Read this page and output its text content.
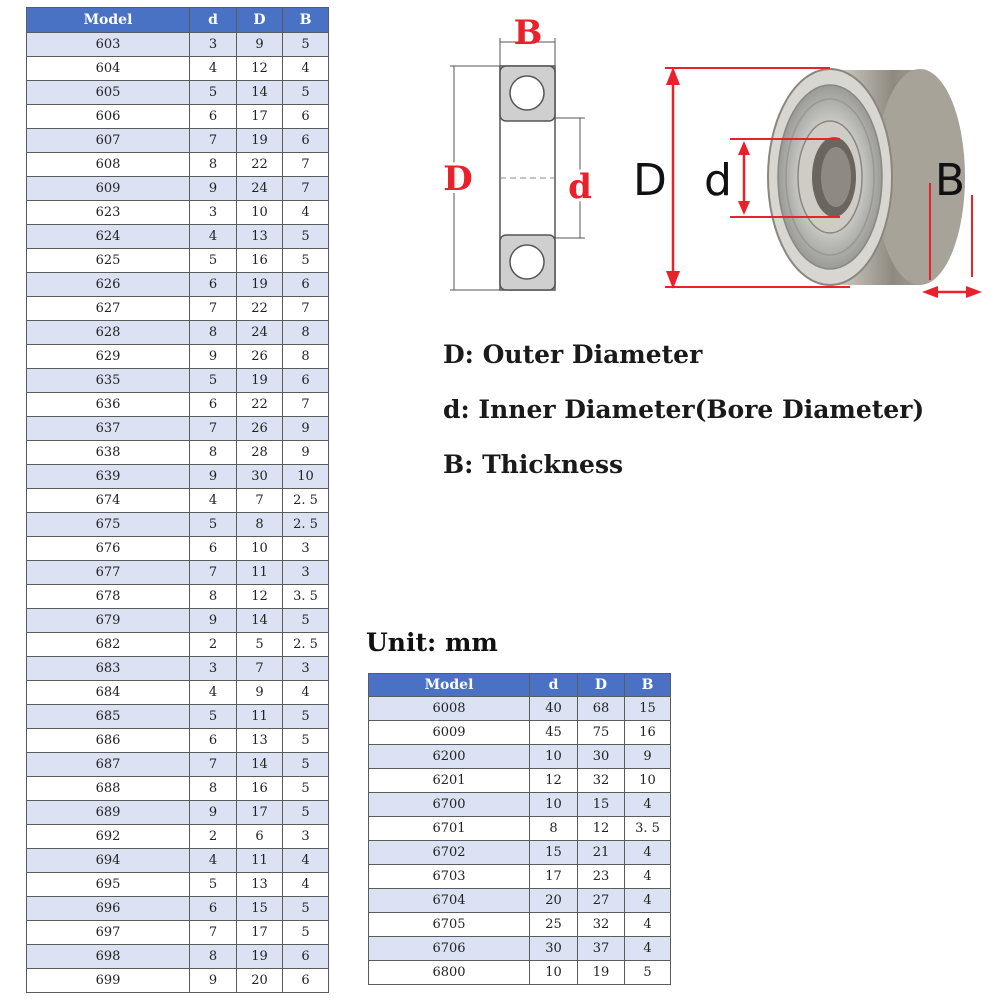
Model	d	D	B
603	3	9	5
604	4	12	4
605	5	14	5
606	6	17	6
607	7	19	6
608	8	22	7
609	9	24	7
623	3	10	4
624	4	13	5
625	5	16	5
626	6	19	6
627	7	22	7
628	8	24	8
629	9	26	8
635	5	19	6
636	6	22	7
637	7	26	9
638	8	28	9
639	9	30	10
674	4	7	2. 5
675	5	8	2. 5
676	6	10	3
677	7	11	3
678	8	12	3. 5
679	9	14	5
682	2	5	2. 5
683	3	7	3
684	4	9	4
685	5	11	5
686	6	13	5
687	7	14	5
688	8	16	5
689	9	17	5
692	2	6	3
694	4	11	4
695	5	13	4
696	6	15	5
697	7	17	5
698	8	19	6
699	9	20	6
B
D	d D d	B
D: Outer Diameter
d: Inner Diameter(Bore Diameter)
B: Thickness
Unit: mm
Model	d	D	B
6008	40	68	15
6009	45	75	16
6200	10	30	9
6201	12	32	10
6700	10	15	4
6701	8	12	3. 5
6702	15	21	4
6703	17	23	4
6704	20	27	4
6705	25	32	4
6706	30	37	4
6800	10	19	5
